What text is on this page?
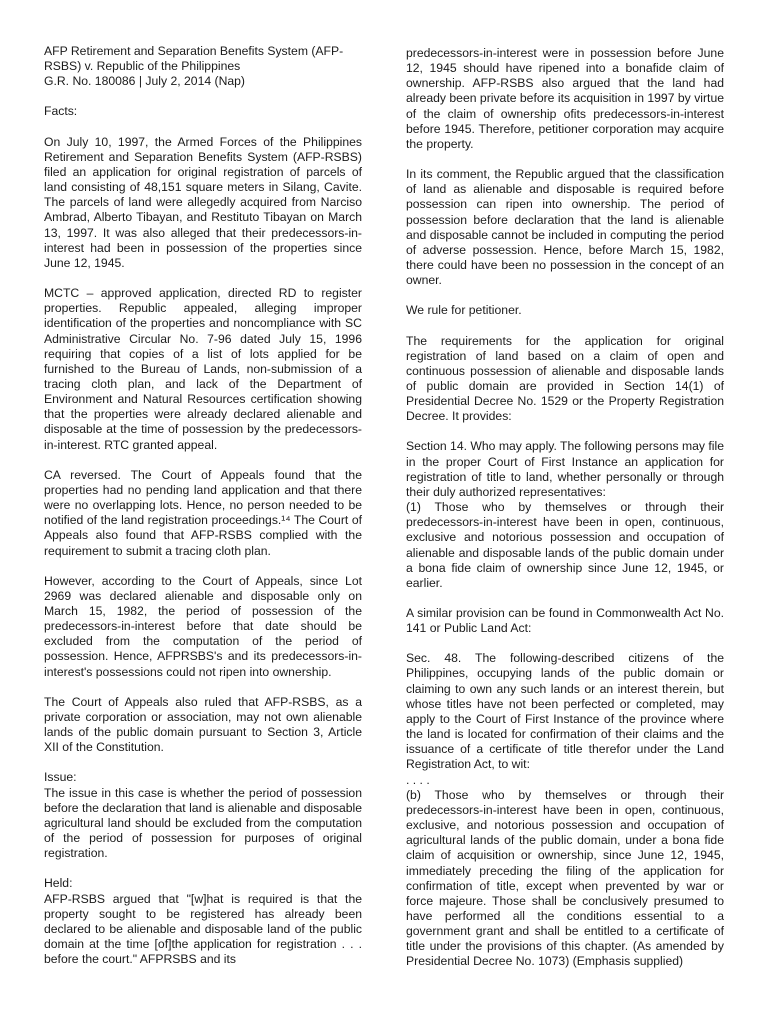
AFP Retirement and Separation Benefits System (AFP-RSBS) v. Republic of the Philippines

G.R. No. 180086 | July 2, 2014 (Nap)

Facts:

On July 10, 1997, the Armed Forces of the Philippines Retirement and Separation Benefits System (AFP-RSBS) filed an application for original registration of parcels of land consisting of 48,151 square meters in Silang, Cavite. The parcels of land were allegedly acquired from Narciso Ambrad, Alberto Tibayan, and Restituto Tibayan on March 13, 1997. It was also alleged that their predecessors-in-interest had been in possession of the properties since June 12, 1945.

MCTC – approved application, directed RD to register properties. Republic appealed, alleging improper identification of the properties and noncompliance with SC Administrative Circular No. 7-96 dated July 15, 1996 requiring that copies of a list of lots applied for be furnished to the Bureau of Lands, non-submission of a tracing cloth plan, and lack of the Department of Environment and Natural Resources certification showing that the properties were already declared alienable and disposable at the time of possession by the predecessors-in-interest. RTC granted appeal.

CA reversed. The Court of Appeals found that the properties had no pending land application and that there were no overlapping lots. Hence, no person needed to be notified of the land registration proceedings.¹⁴ The Court of Appeals also found that AFP-RSBS complied with the requirement to submit a tracing cloth plan.

However, according to the Court of Appeals, since Lot 2969 was declared alienable and disposable only on March 15, 1982, the period of possession of the predecessors-in-interest before that date should be excluded from the computation of the period of possession. Hence, AFPRSBS's and its predecessors-in-interest's possessions could not ripen into ownership.

The Court of Appeals also ruled that AFP-RSBS, as a private corporation or association, may not own alienable lands of the public domain pursuant to Section 3, Article XII of the Constitution.

Issue:

The issue in this case is whether the period of possession before the declaration that land is alienable and disposable agricultural land should be excluded from the computation of the period of possession for purposes of original registration.

Held:

AFP-RSBS argued that "[w]hat is required is that the property sought to be registered has already been declared to be alienable and disposable land of the public domain at the time [of]the application for registration . . . before the court." AFPRSBS and its

predecessors-in-interest were in possession before June 12, 1945 should have ripened into a bonafide claim of ownership. AFP-RSBS also argued that the land had already been private before its acquisition in 1997 by virtue of the claim of ownership ofits predecessors-in-interest before 1945. Therefore, petitioner corporation may acquire the property.

In its comment, the Republic argued that the classification of land as alienable and disposable is required before possession can ripen into ownership. The period of possession before declaration that the land is alienable and disposable cannot be included in computing the period of adverse possession. Hence, before March 15, 1982, there could have been no possession in the concept of an owner.

We rule for petitioner.

The requirements for the application for original registration of land based on a claim of open and continuous possession of alienable and disposable lands of public domain are provided in Section 14(1) of Presidential Decree No. 1529 or the Property Registration Decree. It provides:

Section 14. Who may apply. The following persons may file in the proper Court of First Instance an application for registration of title to land, whether personally or through their duly authorized representatives:

(1) Those who by themselves or through their predecessors-in-interest have been in open, continuous, exclusive and notorious possession and occupation of alienable and disposable lands of the public domain under a bona fide claim of ownership since June 12, 1945, or earlier.

A similar provision can be found in Commonwealth Act No. 141 or Public Land Act:

Sec. 48. The following-described citizens of the Philippines, occupying lands of the public domain or claiming to own any such lands or an interest therein, but whose titles have not been perfected or completed, may apply to the Court of First Instance of the province where the land is located for confirmation of their claims and the issuance of a certificate of title therefor under the Land Registration Act, to wit:

. . . .

(b) Those who by themselves or through their predecessors-in-interest have been in open, continuous, exclusive, and notorious possession and occupation of agricultural lands of the public domain, under a bona fide claim of acquisition or ownership, since June 12, 1945, immediately preceding the filing of the application for confirmation of title, except when prevented by war or force majeure. Those shall be conclusively presumed to have performed all the conditions essential to a government grant and shall be entitled to a certificate of title under the provisions of this chapter. (As amended by Presidential Decree No. 1073) (Emphasis supplied)
